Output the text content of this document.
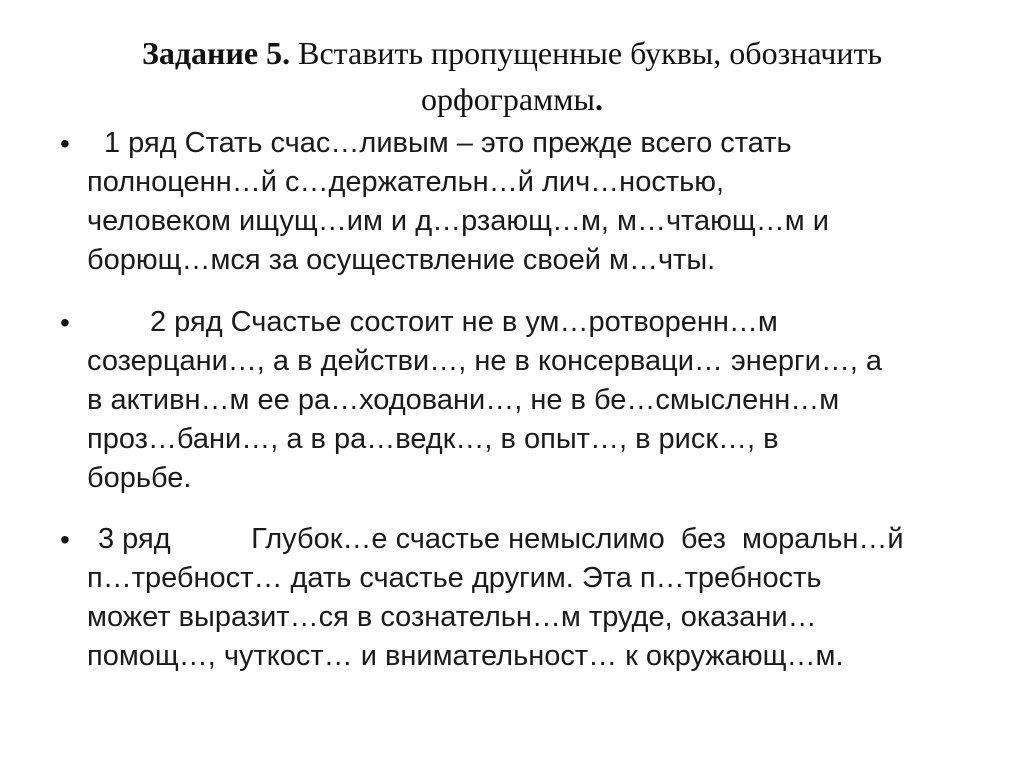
Задание 5. Вставить пропущенные буквы, обозначить
орфограммы.
• 1 ряд Стать счас…ливым – это прежде всего стать
полноценн…й с…держательн…й лич…ностью,
человеком ищущ…им и д…рзающ…м, м…чтающ…м и
борющ…мся за осуществление своей м…чты.
•	2 ряд Счастье состоит не в ум…ротворенн…м
созерцани…, а в действи…, не в консерваци… энерги…, а
в активн…м ее ра…ходовани…, не в бе…смысленн…м
проз…бани…, а в ра…ведк…, в опыт…, в риск…, в
борьбе.
• 3 ряд          Глубок…е счастье немыслимо  без  моральн…й
п…требност… дать счастье другим. Эта п…требность
может выразит…ся в сознательн…м труде, оказани…
помощ…, чуткост… и внимательност… к окружающ…м.
